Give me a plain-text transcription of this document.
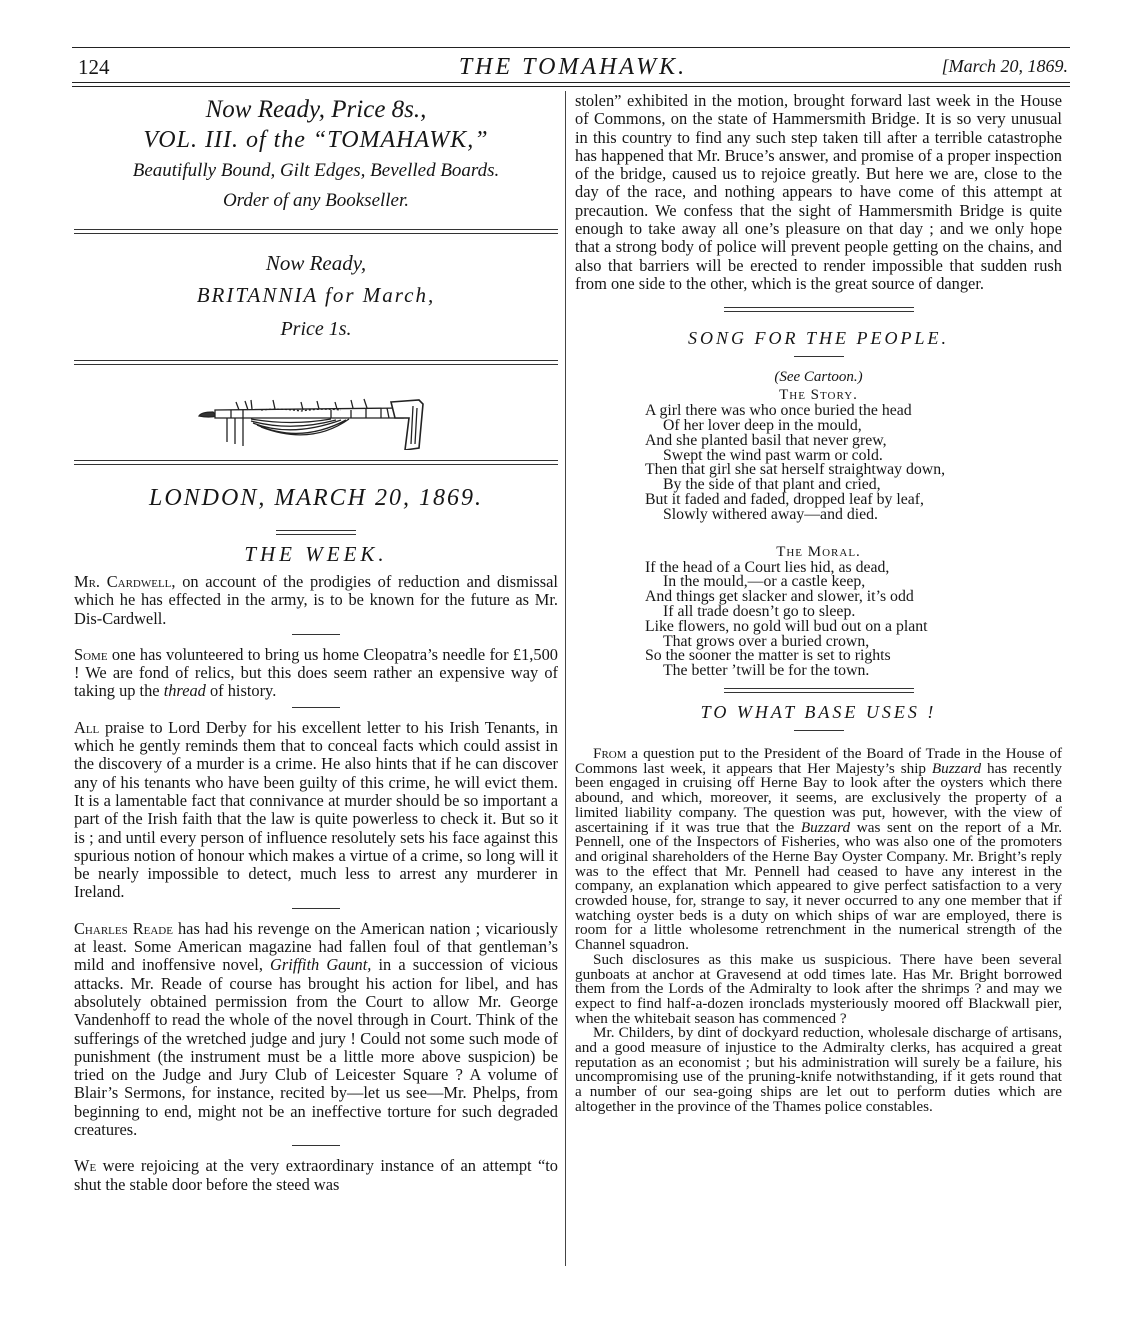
124	THE TOMAHAWK.	[March 20, 1869.
Now Ready, Price 8s.,
VOL. III. of the “TOMAHAWK,”
Beautifully Bound, Gilt Edges, Bevelled Boards.
Order of any Bookseller.
Now Ready,
BRITANNIA for March,
Price 1s.
LONDON, MARCH 20, 1869.
THE WEEK.

Mr. Cardwell, on account of the prodigies of reduction and dismissal which he has effected in the army, is to be known for the future as Mr. Dis-Cardwell.

Some one has volunteered to bring us home Cleopatra’s needle for £1,500 ! We are fond of relics, but this does seem rather an expensive way of taking up the thread of history.

All praise to Lord Derby for his excellent letter to his Irish Tenants, in which he gently reminds them that to conceal facts which could assist in the discovery of a murder is a crime. He also hints that if he can discover any of his tenants who have been guilty of this crime, he will evict them. It is a lamentable fact that connivance at murder should be so important a part of the Irish faith that the law is quite powerless to check it. But so it is ; and until every person of influence resolutely sets his face against this spurious notion of honour which makes a virtue of a crime, so long will it be nearly impossible to detect, much less to arrest any murderer in Ireland.

Charles Reade has had his revenge on the American nation ; vicariously at least. Some American magazine had fallen foul of that gentleman’s mild and inoffensive novel, Griffith Gaunt, in a succession of vicious attacks. Mr. Reade of course has brought his action for libel, and has absolutely obtained permission from the Court to allow Mr. George Vandenhoff to read the whole of the novel through in Court. Think of the sufferings of the wretched judge and jury ! Could not some such mode of punishment (the instrument must be a little more above suspicion) be tried on the Judge and Jury Club of Leicester Square ? A volume of Blair’s Sermons, for instance, recited by—let us see—Mr. Phelps, from beginning to end, might not be an ineffective torture for such degraded creatures.

We were rejoicing at the very extraordinary instance of an attempt “to shut the stable door before the steed was

stolen” exhibited in the motion, brought forward last week in the House of Commons, on the state of Hammersmith Bridge. It is so very unusual in this country to find any such step taken till after a terrible catastrophe has happened that Mr. Bruce’s answer, and promise of a proper inspection of the bridge, caused us to rejoice greatly. But here we are, close to the day of the race, and nothing appears to have come of this attempt at precaution. We confess that the sight of Hammersmith Bridge is quite enough to take away all one’s pleasure on that day ; and we only hope that a strong body of police will prevent people getting on the chains, and also that barriers will be erected to render impossible that sudden rush from one side to the other, which is the great source of danger.

SONG FOR THE PEOPLE.
(See Cartoon.)
The Story.
A girl there was who once buried the head
Of her lover deep in the mould,
And she planted basil that never grew,
Swept the wind past warm or cold.
Then that girl she sat herself straightway down,
By the side of that plant and cried,
But it faded and faded, dropped leaf by leaf,
Slowly withered away—and died.
The Moral.
If the head of a Court lies hid, as dead,
In the mould,—or a castle keep,
And things get slacker and slower, it’s odd
If all trade doesn’t go to sleep.
Like flowers, no gold will bud out on a plant
That grows over a buried crown,
So the sooner the matter is set to rights
The better ’twill be for the town.
TO WHAT BASE USES !

From a question put to the President of the Board of Trade in the House of Commons last week, it appears that Her Majesty’s ship Buzzard has recently been engaged in cruising off Herne Bay to look after the oysters which there abound, and which, moreover, it seems, are exclusively the property of a limited liability company. The question was put, however, with the view of ascertaining if it was true that the Buzzard was sent on the report of a Mr. Pennell, one of the Inspectors of Fisheries, who was also one of the promoters and original shareholders of the Herne Bay Oyster Company. Mr. Bright’s reply was to the effect that Mr. Pennell had ceased to have any interest in the company, an explanation which appeared to give perfect satisfaction to a very crowded house, for, strange to say, it never occurred to any one member that if watching oyster beds is a duty on which ships of war are employed, there is room for a little wholesome retrenchment in the numerical strength of the Channel squadron.

Such disclosures as this make us suspicious. There have been several gunboats at anchor at Gravesend at odd times late. Has Mr. Bright borrowed them from the Lords of the Admiralty to look after the shrimps ? and may we expect to find half-a-dozen ironclads mysteriously moored off Blackwall pier, when the whitebait season has commenced ?

Mr. Childers, by dint of dockyard reduction, wholesale discharge of artisans, and a good measure of injustice to the Admiralty clerks, has acquired a great reputation as an economist ; but his administration will surely be a failure, his uncompromising use of the pruning-knife notwithstanding, if it gets round that a number of our sea-going ships are let out to perform duties which are altogether in the province of the Thames police constables.
